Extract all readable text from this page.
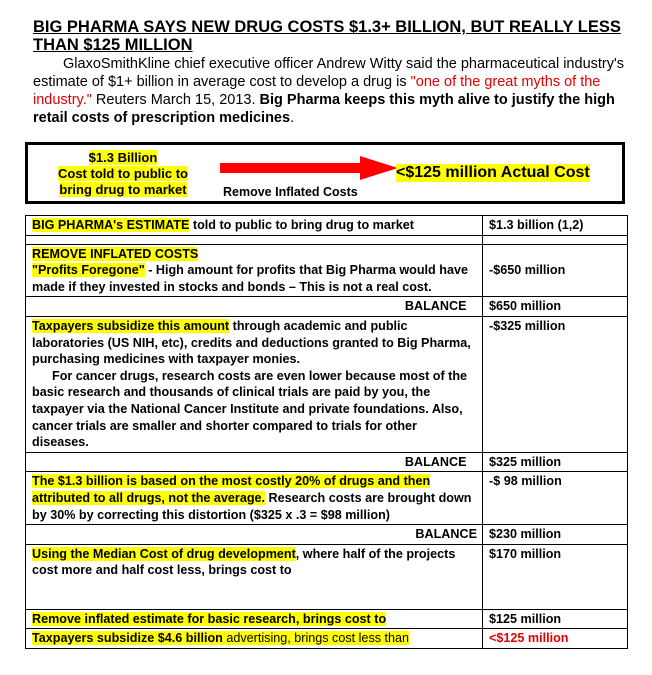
BIG PHARMA SAYS NEW DRUG COSTS $1.3+ BILLION, BUT REALLY LESS THAN $125 MILLION
GlaxoSmithKline chief executive officer Andrew Witty said the pharmaceutical industry's estimate of $1+ billion in average cost to develop a drug is "one of the great myths of the industry." Reuters March 15, 2013. Big Pharma keeps this myth alive to justify the high retail costs of prescription medicines.
$1.3 Billion
Cost told to public to
bring drug to market	Remove Inflated Costs
<$125 million Actual Cost
BIG PHARMA's ESTIMATE told to public to bring drug to market	$1.3 billion (1,2)

REMOVE INFLATED COSTS
"Profits Foregone" - High amount for profits that Big Pharma would have made if they invested in stocks and bonds – This is not a real cost.	-$650 million
BALANCE	$650 million
Taxpayers subsidize this amount through academic and public laboratories (US NIH, etc), credits and deductions granted to Big Pharma, purchasing medicines with taxpayer monies.
For cancer drugs, research costs are even lower because most of the basic research and thousands of clinical trials are paid by you, the taxpayer via the National Cancer Institute and private foundations. Also, cancer trials are smaller and shorter compared to trials for other diseases.	-$325 million
BALANCE	$325 million
The $1.3 billion is based on the most costly 20% of drugs and then attributed to all drugs, not the average. Research costs are brought down by 30% by correcting this distortion ($325 x .3 = $98 million)	-$ 98 million
BALANCE	$230 million
Using the Median Cost of drug development, where half of the projects cost more and half cost less, brings cost to	$170 million
Remove inflated estimate for basic research, brings cost to	$125 million
Taxpayers subsidize $4.6 billion advertising, brings cost less than	<$125 million
